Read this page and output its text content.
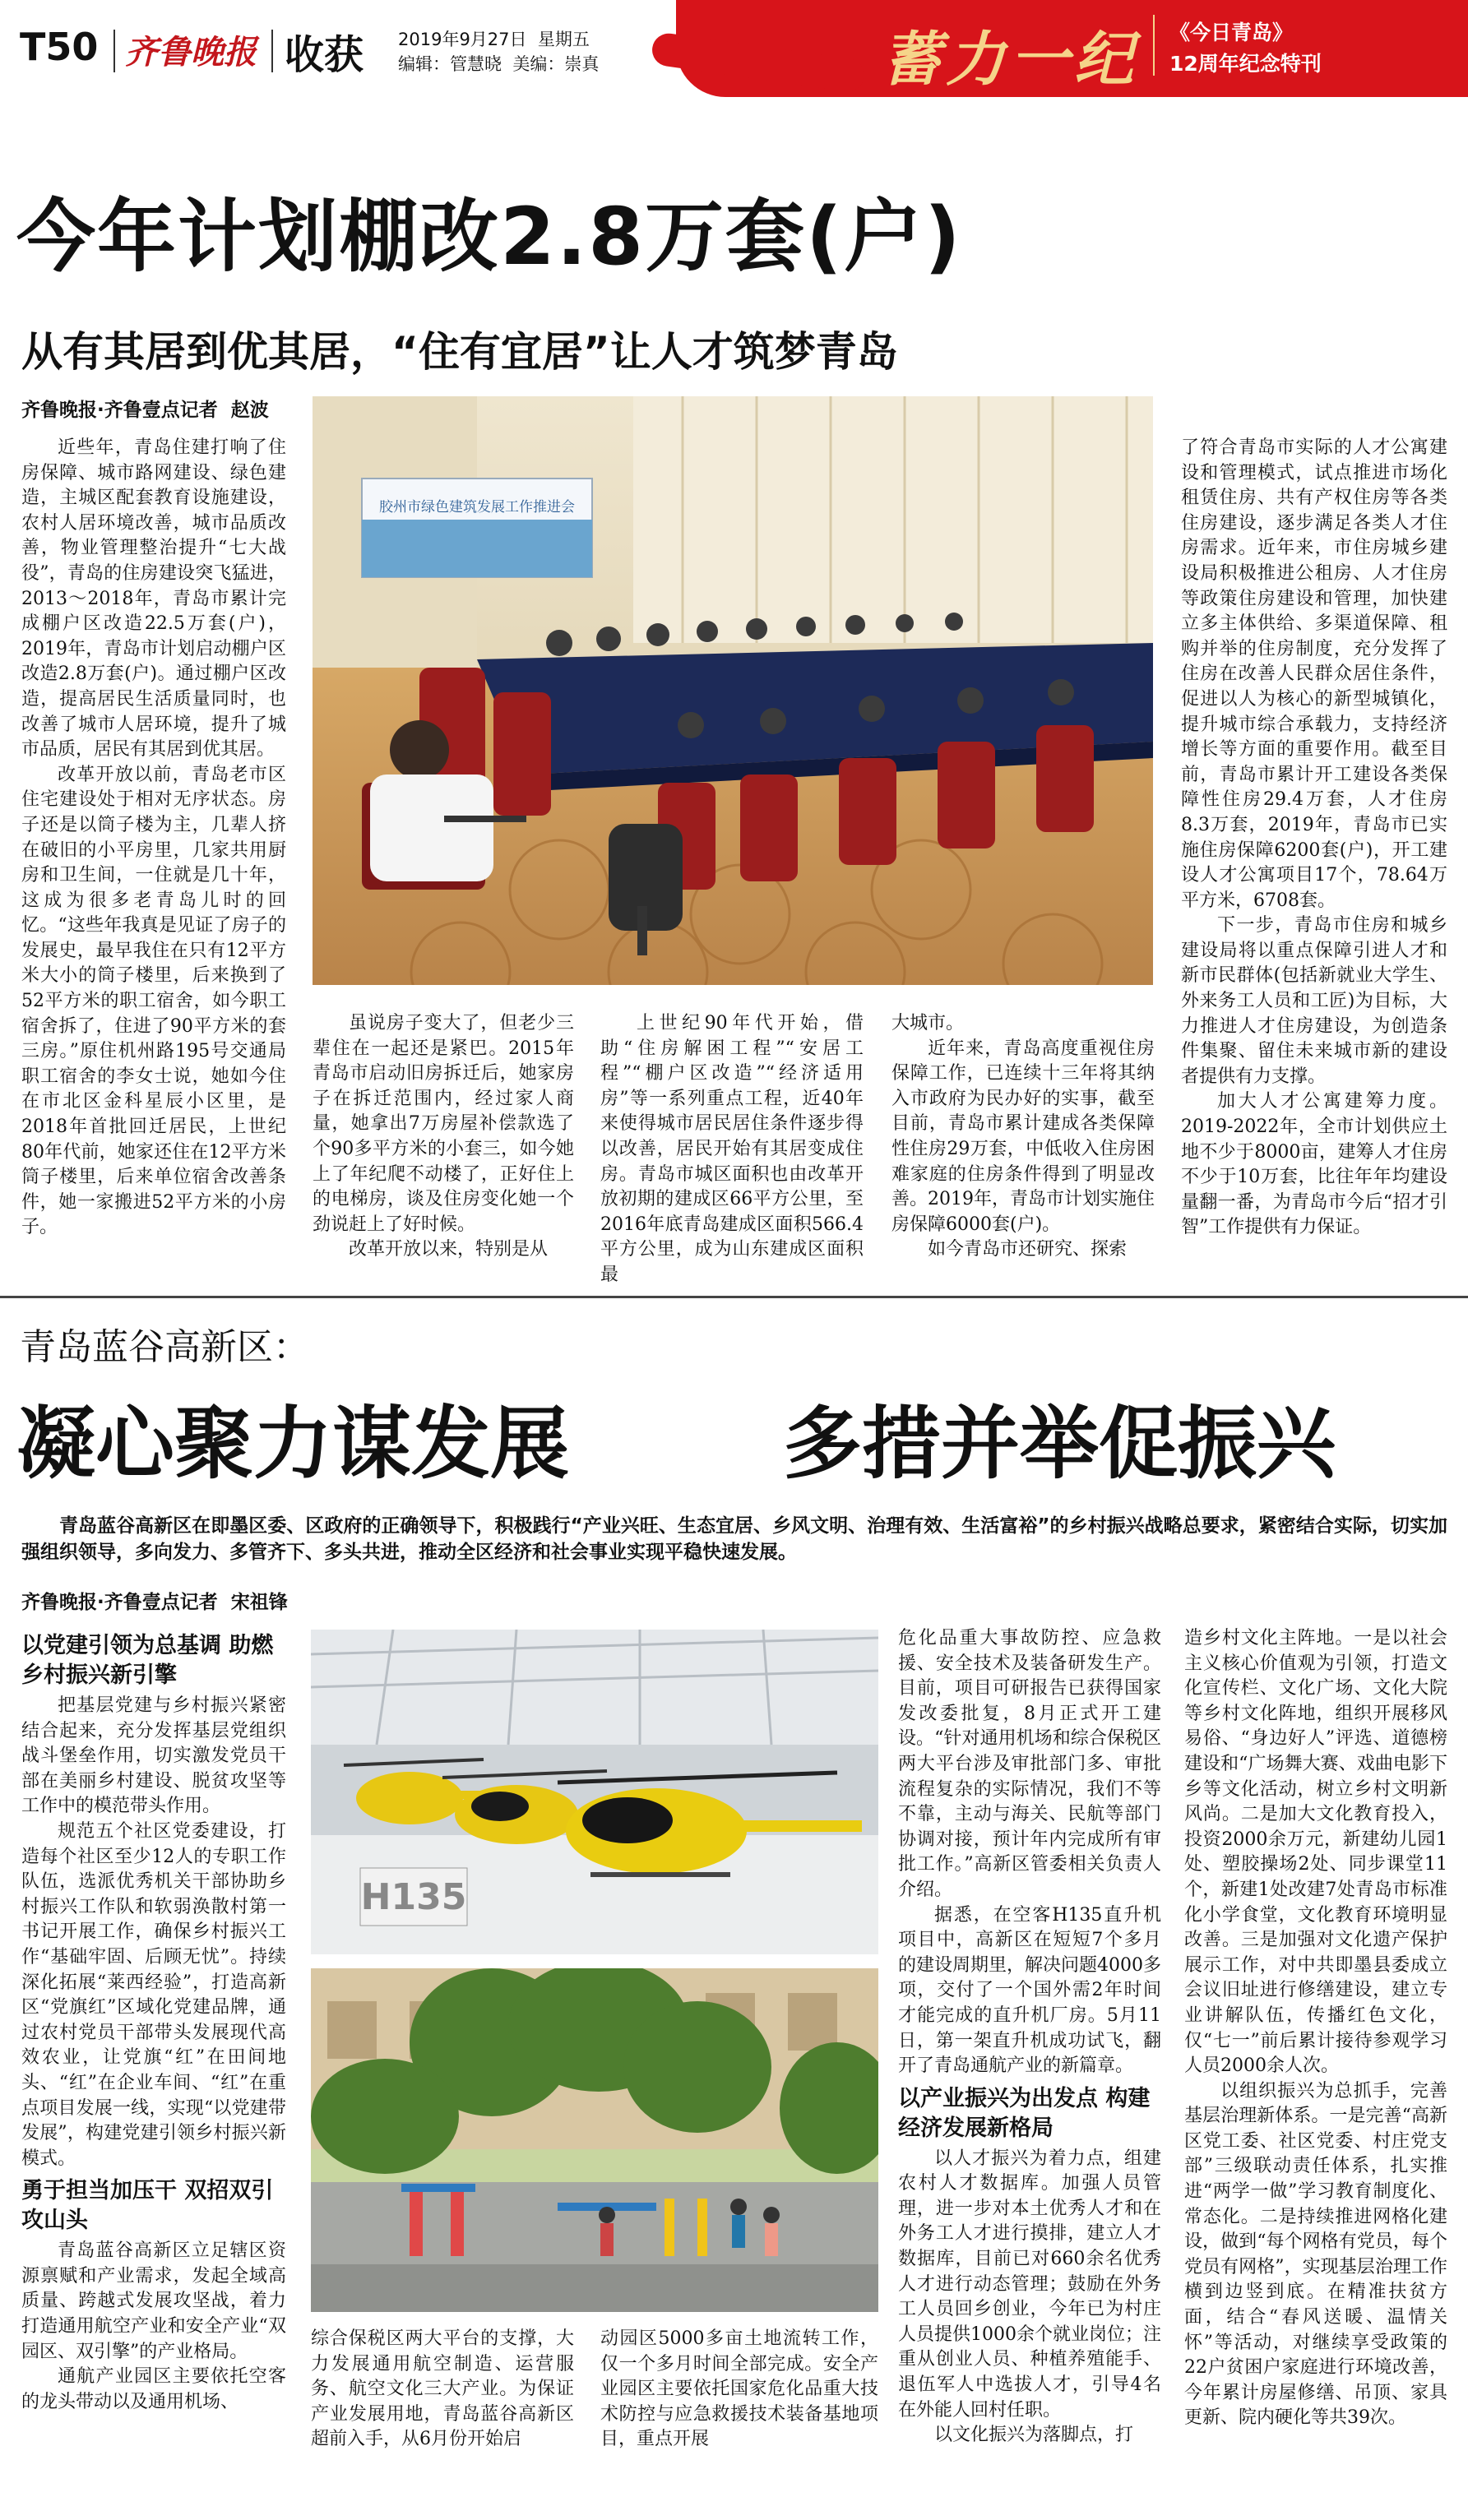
T50 齐鲁晚报 收获 2019年9月27日 星期五
编辑：管慧晓 美编：崇真	蓄力一纪 《今日青岛》
12周年纪念特刊
今年计划棚改2.8万套(户)
从有其居到优其居，“住有宜居”让人才筑梦青岛
齐鲁晚报·齐鲁壹点记者 赵波
胶州市绿色建筑发展工作推进会

近些年，青岛住建打响了住房保障、城市路网建设、绿色建造，主城区配套教育设施建设，农村人居环境改善，城市品质改善，物业管理整治提升“七大战役”，青岛的住房建设突飞猛进，2013～2018年，青岛市累计完成棚户区改造22.5万套(户)，2019年，青岛市计划启动棚户区改造2.8万套(户)。通过棚户区改造，提高居民生活质量同时，也改善了城市人居环境，提升了城市品质，居民有其居到优其居。

改革开放以前，青岛老市区住宅建设处于相对无序状态。房子还是以筒子楼为主，几辈人挤在破旧的小平房里，几家共用厨房和卫生间，一住就是几十年，这成为很多老青岛儿时的回忆。“这些年我真是见证了房子的发展史，最早我住在只有12平方米大小的筒子楼里，后来换到了52平方米的职工宿舍，如今职工宿舍拆了，住进了90平方米的套三房。”原住机州路195号交通局职工宿舍的李女士说，她如今住在市北区金科星辰小区里，是2018年首批回迁居民，上世纪80年代前，她家还住在12平方米筒子楼里，后来单位宿舍改善条件，她一家搬进52平方米的小房子。

虽说房子变大了，但老少三辈住在一起还是紧巴。2015年青岛市启动旧房拆迁后，她家房子在拆迁范围内，经过家人商量，她拿出7万房屋补偿款选了个90多平方米的小套三，如今她上了年纪爬不动楼了，正好住上的电梯房，谈及住房变化她一个劲说赶上了好时候。

改革开放以来，特别是从

上世纪90年代开始，借助“住房解困工程”“安居工程”“棚户区改造”“经济适用房”等一系列重点工程，近40年来使得城市居民居住条件逐步得以改善，居民开始有其居变成住房。青岛市城区面积也由改革开放初期的建成区66平方公里，至2016年底青岛建成区面积566.4平方公里，成为山东建成区面积最

大城市。

近年来，青岛高度重视住房保障工作，已连续十三年将其纳入市政府为民办好的实事，截至目前，青岛市累计建成各类保障性住房29万套，中低收入住房困难家庭的住房条件得到了明显改善。2019年，青岛市计划实施住房保障6000套(户)。

如今青岛市还研究、探索

了符合青岛市实际的人才公寓建设和管理模式，试点推进市场化租赁住房、共有产权住房等各类住房建设，逐步满足各类人才住房需求。近年来，市住房城乡建设局积极推进公租房、人才住房等政策住房建设和管理，加快建立多主体供给、多渠道保障、租购并举的住房制度，充分发挥了住房在改善人民群众居住条件，促进以人为核心的新型城镇化，提升城市综合承载力，支持经济增长等方面的重要作用。截至目前，青岛市累计开工建设各类保障性住房29.4万套，人才住房8.3万套，2019年，青岛市已实施住房保障6200套(户)，开工建设人才公寓项目17个，78.64万平方米，6708套。

下一步，青岛市住房和城乡建设局将以重点保障引进人才和新市民群体(包括新就业大学生、外来务工人员和工匠)为目标，大力推进人才住房建设，为创造条件集聚、留住未来城市新的建设者提供有力支撑。

加大人才公寓建筹力度。2019-2022年，全市计划供应土地不少于8000亩，建筹人才住房不少于10万套，比往年年均建设量翻一番，为青岛市今后“招才引智”工作提供有力保证。

青岛蓝谷高新区：
凝心聚力谋发展	多措并举促振兴
青岛蓝谷高新区在即墨区委、区政府的正确领导下，积极践行“产业兴旺、生态宜居、乡风文明、治理有效、生活富裕”的乡村振兴战略总要求，紧密结合实际，切实加强组织领导，多向发力、多管齐下、多头共进，推动全区经济和社会事业实现平稳快速发展。
齐鲁晚报·齐鲁壹点记者 宋祖锋

以党建引领为总基调 助燃乡村振兴新引擎

把基层党建与乡村振兴紧密结合起来，充分发挥基层党组织战斗堡垒作用，切实激发党员干部在美丽乡村建设、脱贫攻坚等工作中的模范带头作用。

规范五个社区党委建设，打造每个社区至少12人的专职工作队伍，选派优秀机关干部协助乡村振兴工作队和软弱涣散村第一书记开展工作，确保乡村振兴工作“基础牢固、后顾无忧”。持续深化拓展“莱西经验”，打造高新区“党旗红”区域化党建品牌，通过农村党员干部带头发展现代高效农业，让党旗“红”在田间地头、“红”在企业车间、“红”在重点项目发展一线，实现“以党建带发展”，构建党建引领乡村振兴新模式。

勇于担当加压干 双招双引攻山头

青岛蓝谷高新区立足辖区资源禀赋和产业需求，发起全域高质量、跨越式发展攻坚战，着力打造通用航空产业和安全产业“双园区、双引擎”的产业格局。

通航产业园区主要依托空客的龙头带动以及通用机场、

H135

综合保税区两大平台的支撑，大力发展通用航空制造、运营服务、航空文化三大产业。为保证产业发展用地，青岛蓝谷高新区超前入手，从6月份开始启

动园区5000多亩土地流转工作，仅一个多月时间全部完成。安全产业园区主要依托国家危化品重大技术防控与应急救援技术装备基地项目，重点开展

危化品重大事故防控、应急救援、安全技术及装备研发生产。目前，项目可研报告已获得国家发改委批复，8月正式开工建设。“针对通用机场和综合保税区两大平台涉及审批部门多、审批流程复杂的实际情况，我们不等不靠，主动与海关、民航等部门协调对接，预计年内完成所有审批工作。”高新区管委相关负责人介绍。

据悉，在空客H135直升机项目中，高新区在短短7个多月的建设周期里，解决问题4000多项，交付了一个国外需2年时间才能完成的直升机厂房。5月11日，第一架直升机成功试飞，翻开了青岛通航产业的新篇章。

以产业振兴为出发点 构建经济发展新格局

以人才振兴为着力点，组建农村人才数据库。加强人员管理，进一步对本土优秀人才和在外务工人才进行摸排，建立人才数据库，目前已对660余名优秀人才进行动态管理；鼓励在外务工人员回乡创业，今年已为村庄人员提供1000余个就业岗位；注重从创业人员、种植养殖能手、退伍军人中选拔人才，引导4名在外能人回村任职。

以文化振兴为落脚点，打

造乡村文化主阵地。一是以社会主义核心价值观为引领，打造文化宣传栏、文化广场、文化大院等乡村文化阵地，组织开展移风易俗、“身边好人”评选、道德榜建设和“广场舞大赛、戏曲电影下乡等文化活动，树立乡村文明新风尚。二是加大文化教育投入，投资2000余万元，新建幼儿园1处、塑胶操场2处、同步课堂11个，新建1处改建7处青岛市标准化小学食堂，文化教育环境明显改善。三是加强对文化遗产保护展示工作，对中共即墨县委成立会议旧址进行修缮建设，建立专业讲解队伍，传播红色文化，仅“七一”前后累计接待参观学习人员2000余人次。

以组织振兴为总抓手，完善基层治理新体系。一是完善“高新区党工委、社区党委、村庄党支部”三级联动责任体系，扎实推进“两学一做”学习教育制度化、常态化。二是持续推进网格化建设，做到“每个网格有党员，每个党员有网格”，实现基层治理工作横到边竖到底。在精准扶贫方面，结合“春风送暖、温情关怀”等活动，对继续享受政策的22户贫困户家庭进行环境改善，今年累计房屋修缮、吊顶、家具更新、院内硬化等共39次。
